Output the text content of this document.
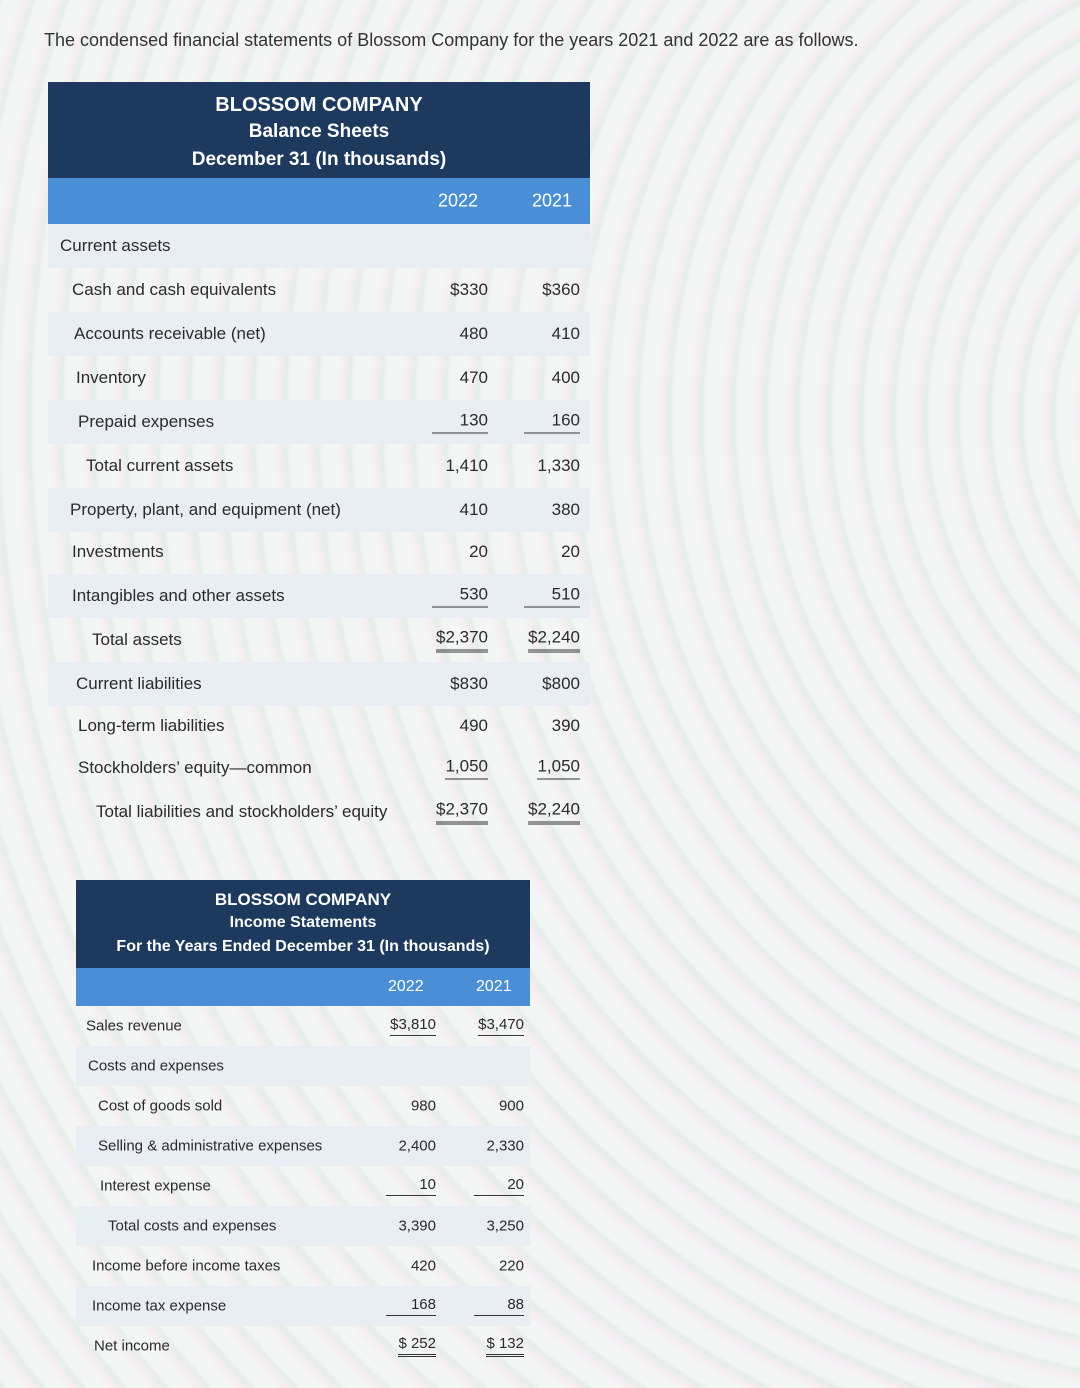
The condensed financial statements of Blossom Company for the years 2021 and 2022 are as follows.
BLOSSOM COMPANY
Balance Sheets
December 31 (In thousands)
2022	2021
Current assets
Cash and cash equivalents	$330	$360
Accounts receivable (net)	480	410
Inventory	470	400
Prepaid expenses	130	160
Total current assets	1,410	1,330
Property, plant, and equipment (net)	410	380
Investments	20	20
Intangibles and other assets	530	510
Total assets	$2,370 $2,240
Current liabilities	$830	$800
Long-term liabilities	490	390
Stockholders’ equity—common	1,050	1,050
Total liabilities and stockholders’ equity	$2,370 $2,240
BLOSSOM COMPANY
Income Statements
For the Years Ended December 31 (In thousands)
2022	2021
Sales revenue	$3,810	$3,470
Costs and expenses
Cost of goods sold	980	900
Selling & administrative expenses	2,400	2,330
Interest expense	10	20
Total costs and expenses	3,390	3,250
Income before income taxes	420	220
Income tax expense	168	88
Net income	$ 252	$ 132
